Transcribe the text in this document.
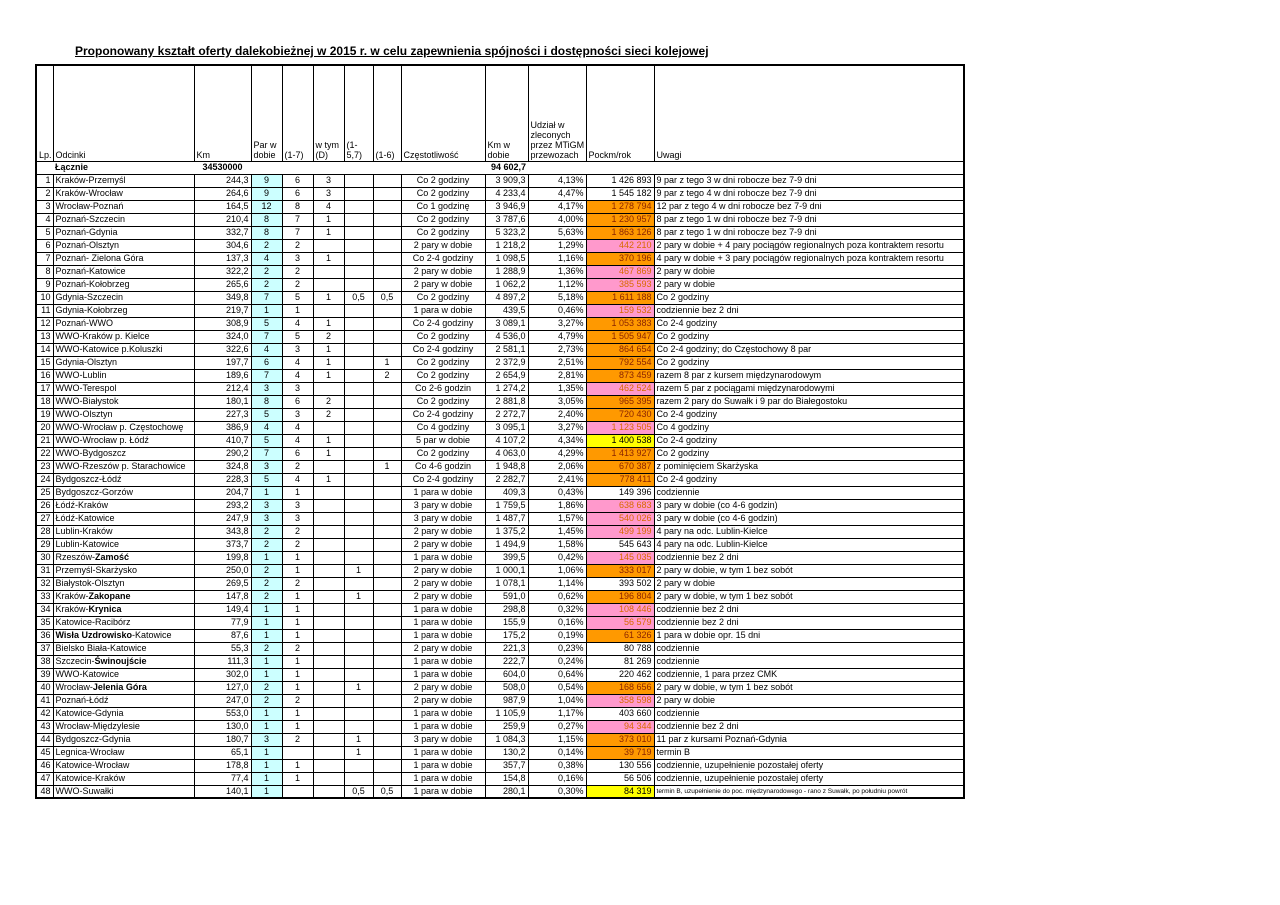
Proponowany kształt oferty dalekobieżnej w 2015 r. w celu zapewnienia spójności i dostępności sieci kolejowej
Lp.	Odcinki	Km	Par w dobie	(1-7)	w tym (D)	(1-5,7)	(1-6)	Częstotliwość	Km w dobie	Udział w zleconych przez MTiGM przewozach	Pockm/rok	Uwagi
	Łącznie	34530000							94 602,7			
1	Kraków-Przemyśl	244,3	9	6	3			Co 2 godziny	3 909,3	4,13%	1 426 893	9 par z tego 3 w dni robocze bez 7-9 dni
2	Kraków-Wrocław	264,6	9	6	3			Co 2 godziny	4 233,4	4,47%	1 545 182	9 par z tego 4 w dni robocze bez 7-9 dni
3	Wrocław-Poznań	164,5	12	8	4			Co 1 godzinę	3 946,9	4,17%	1 278 794	12 par z tego 4 w dni robocze bez 7-9 dni
4	Poznań-Szczecin	210,4	8	7	1			Co 2 godziny	3 787,6	4,00%	1 230 957	8 par z tego 1 w dni robocze bez 7-9 dni
5	Poznań-Gdynia	332,7	8	7	1			Co 2 godziny	5 323,2	5,63%	1 863 126	8 par z tego 1 w dni robocze bez 7-9 dni
6	Poznań-Olsztyn	304,6	2	2				2 pary w dobie	1 218,2	1,29%	442 210	2 pary w dobie + 4 pary pociągów regionalnych poza kontraktem resortu
7	Poznań- Zielona Góra	137,3	4	3	1			Co 2-4 godziny	1 098,5	1,16%	370 196	4 pary w dobie + 3 pary pociągów regionalnych poza kontraktem resortu
8	Poznań-Katowice	322,2	2	2				2 pary w dobie	1 288,9	1,36%	467 869	2 pary w dobie
9	Poznań-Kołobrzeg	265,6	2	2				2 pary w dobie	1 062,2	1,12%	385 593	2 pary w dobie
10	Gdynia-Szczecin	349,8	7	5	1	0,5	0,5	Co 2 godziny	4 897,2	5,18%	1 611 188	Co 2 godziny
11	Gdynia-Kołobrzeg	219,7	1	1				1 para w dobie	439,5	0,46%	159 532	codziennie bez 2 dni
12	Poznań-WWO	308,9	5	4	1			Co 2-4 godziny	3 089,1	3,27%	1 053 383	Co 2-4 godziny
13	WWO-Kraków p. Kielce	324,0	7	5	2			Co 2 godziny	4 536,0	4,79%	1 505 947	Co 2 godziny
14	WWO-Katowice p.Koluszki	322,6	4	3	1			Co 2-4 godziny	2 581,1	2,73%	864 654	Co 2-4 godziny; do Częstochowy 8 par
15	Gdynia-Olsztyn	197,7	6	4	1		1	Co 2 godziny	2 372,9	2,51%	792 554	Co 2 godziny
16	WWO-Lublin	189,6	7	4	1		2	Co 2 godziny	2 654,9	2,81%	873 459	razem 8 par z kursem międzynarodowym
17	WWO-Terespol	212,4	3	3				Co 2-6 godzin	1 274,2	1,35%	462 524	razem 5 par z pociągami międzynarodowymi
18	WWO-Białystok	180,1	8	6	2			Co 2 godziny	2 881,8	3,05%	965 395	razem 2 pary do Suwałk i 9 par do Białegostoku
19	WWO-Olsztyn	227,3	5	3	2			Co 2-4 godziny	2 272,7	2,40%	720 430	Co 2-4 godziny
20	WWO-Wrocław p. Częstochowę	386,9	4	4				Co 4 godziny	3 095,1	3,27%	1 123 505	Co 4 godziny
21	WWO-Wrocław p. Łódź	410,7	5	4	1			5 par w dobie	4 107,2	4,34%	1 400 538	Co 2-4 godziny
22	WWO-Bydgoszcz	290,2	7	6	1			Co 2 godziny	4 063,0	4,29%	1 413 927	Co 2 godziny
23	WWO-Rzeszów p. Starachowice	324,8	3	2			1	Co 4-6 godzin	1 948,8	2,06%	670 387	z pominięciem Skarżyska
24	Bydgoszcz-Łódź	228,3	5	4	1			Co 2-4 godziny	2 282,7	2,41%	778 411	Co 2-4 godziny
25	Bydgoszcz-Gorzów	204,7	1	1				1 para w dobie	409,3	0,43%	149 396	codziennie
26	Łódź-Kraków	293,2	3	3				3 pary w dobie	1 759,5	1,86%	638 683	3 pary w dobie (co 4-6 godzin)
27	Łódź-Katowice	247,9	3	3				3 pary w dobie	1 487,7	1,57%	540 026	3 pary w dobie (co 4-6 godzin)
28	Lublin-Kraków	343,8	2	2				2 pary w dobie	1 375,2	1,45%	499 199	4 pary na odc. Lublin-Kielce
29	Lublin-Katowice	373,7	2	2				2 pary w dobie	1 494,9	1,58%	545 643	4 pary na odc. Lublin-Kielce
30	Rzeszów-Zamość	199,8	1	1				1 para w dobie	399,5	0,42%	145 035	codziennie bez 2 dni
31	Przemyśl-Skarżysko	250,0	2	1		1		2 pary w dobie	1 000,1	1,06%	333 017	2 pary w dobie, w tym 1 bez sobót
32	Białystok-Olsztyn	269,5	2	2				2 pary w dobie	1 078,1	1,14%	393 502	2 pary w dobie
33	Kraków-Zakopane	147,8	2	1		1		2 pary w dobie	591,0	0,62%	196 804	2 pary w dobie, w tym 1 bez sobót
34	Kraków-Krynica	149,4	1	1				1 para w dobie	298,8	0,32%	108 446	codziennie bez 2 dni
35	Katowice-Racibórz	77,9	1	1				1 para w dobie	155,9	0,16%	56 579	codziennie bez 2 dni
36	Wisła Uzdrowisko-Katowice	87,6	1	1				1 para w dobie	175,2	0,19%	61 326	1 para w dobie opr. 15 dni
37	Bielsko Biała-Katowice	55,3	2	2				2 pary w dobie	221,3	0,23%	80 788	codziennie
38	Szczecin-Świnoujście	111,3	1	1				1 para w dobie	222,7	0,24%	81 269	codziennie
39	WWO-Katowice	302,0	1	1				1 para w dobie	604,0	0,64%	220 462	codziennie, 1 para przez CMK
40	Wrocław-Jelenia Góra	127,0	2	1		1		2 pary w dobie	508,0	0,54%	168 656	2 pary w dobie, w tym 1 bez sobót
41	Poznań-Łódź	247,0	2	2				2 pary w dobie	987,9	1,04%	358 598	2 pary w dobie
42	Katowice-Gdynia	553,0	1	1				1 para w dobie	1 105,9	1,17%	403 660	codziennie
43	Wrocław-Międzylesie	130,0	1	1				1 para w dobie	259,9	0,27%	94 344	codziennie bez 2 dni
44	Bydgoszcz-Gdynia	180,7	3	2		1		3 pary w dobie	1 084,3	1,15%	373 010	11 par z kursami Poznań-Gdynia
45	Legnica-Wrocław	65,1	1			1		1 para w dobie	130,2	0,14%	39 719	termin B
46	Katowice-Wrocław	178,8	1	1				1 para w dobie	357,7	0,38%	130 556	codziennie, uzupełnienie pozostałej oferty
47	Katowice-Kraków	77,4	1	1				1 para w dobie	154,8	0,16%	56 506	codziennie, uzupełnienie pozostałej oferty
48	WWO-Suwałki	140,1	1			0,5	0,5	1 para w dobie	280,1	0,30%	84 319	termin B, uzupełnienie do poc. międzynarodowego - rano z Suwałk, po południu powrót
